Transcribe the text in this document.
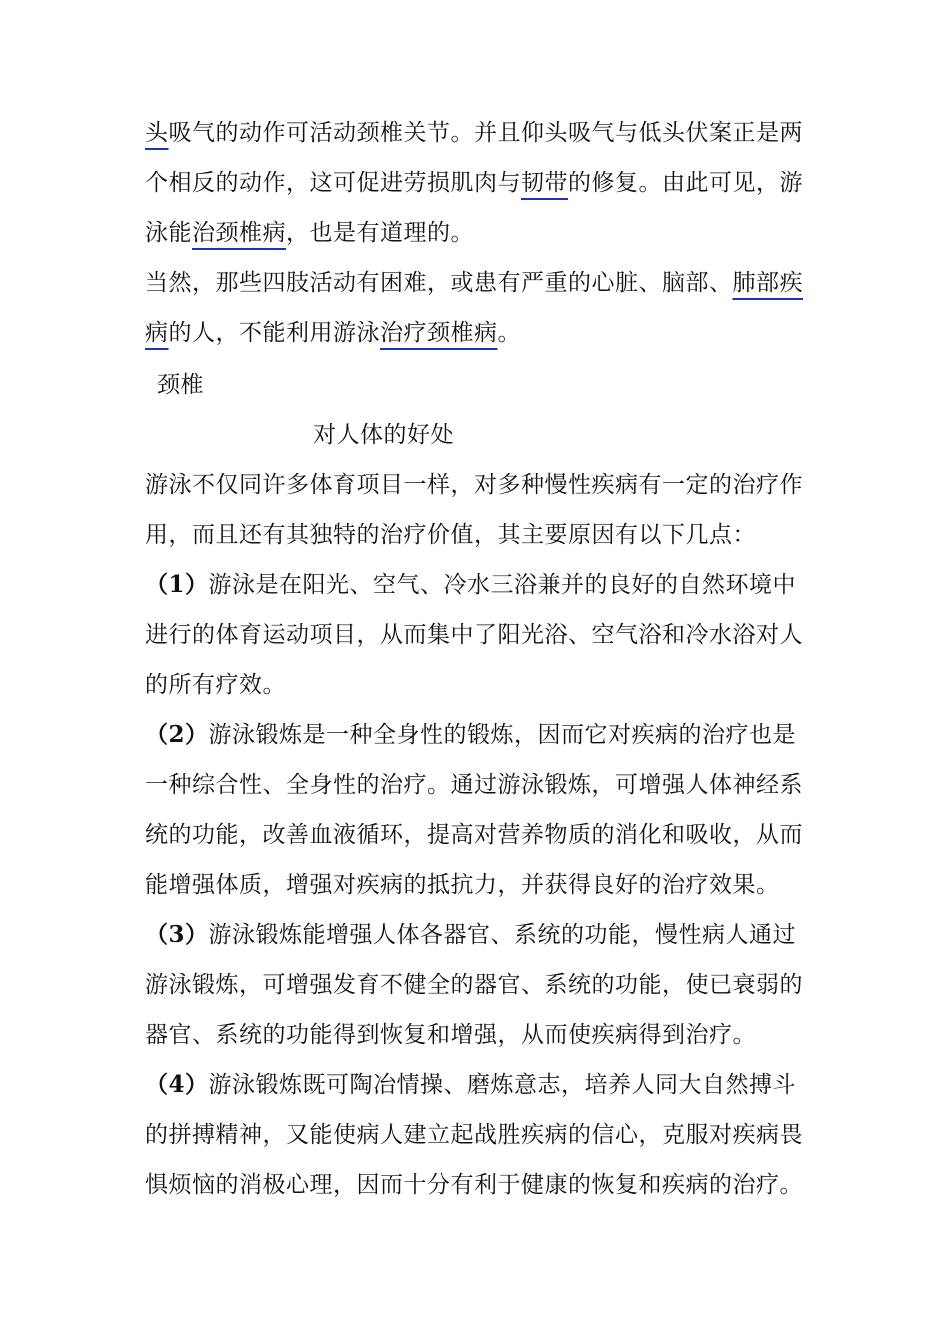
头吸气的动作可活动颈椎关节。并且仰头吸气与低头伏案正是两
个相反的动作，这可促进劳损肌肉与韧带的修复。由此可见，游
泳能治颈椎病，也是有道理的。
当然，那些四肢活动有困难，或患有严重的心脏、脑部、肺部疾
病的人，不能利用游泳治疗颈椎病。
颈椎
对人体的好处
游泳不仅同许多体育项目一样，对多种慢性疾病有一定的治疗作
用，而且还有其独特的治疗价值，其主要原因有以下几点：
（1）游泳是在阳光、空气、冷水三浴兼并的良好的自然环境中
进行的体育运动项目，从而集中了阳光浴、空气浴和冷水浴对人
的所有疗效。
（2）游泳锻炼是一种全身性的锻炼，因而它对疾病的治疗也是
一种综合性、全身性的治疗。通过游泳锻炼，可增强人体神经系
统的功能，改善血液循环，提高对营养物质的消化和吸收，从而
能增强体质，增强对疾病的抵抗力，并获得良好的治疗效果。
（3）游泳锻炼能增强人体各器官、系统的功能，慢性病人通过
游泳锻炼，可增强发育不健全的器官、系统的功能，使已衰弱的
器官、系统的功能得到恢复和增强，从而使疾病得到治疗。
（4）游泳锻炼既可陶冶情操、磨炼意志，培养人同大自然搏斗
的拼搏精神，又能使病人建立起战胜疾病的信心，克服对疾病畏
惧烦恼的消极心理，因而十分有利于健康的恢复和疾病的治疗。
